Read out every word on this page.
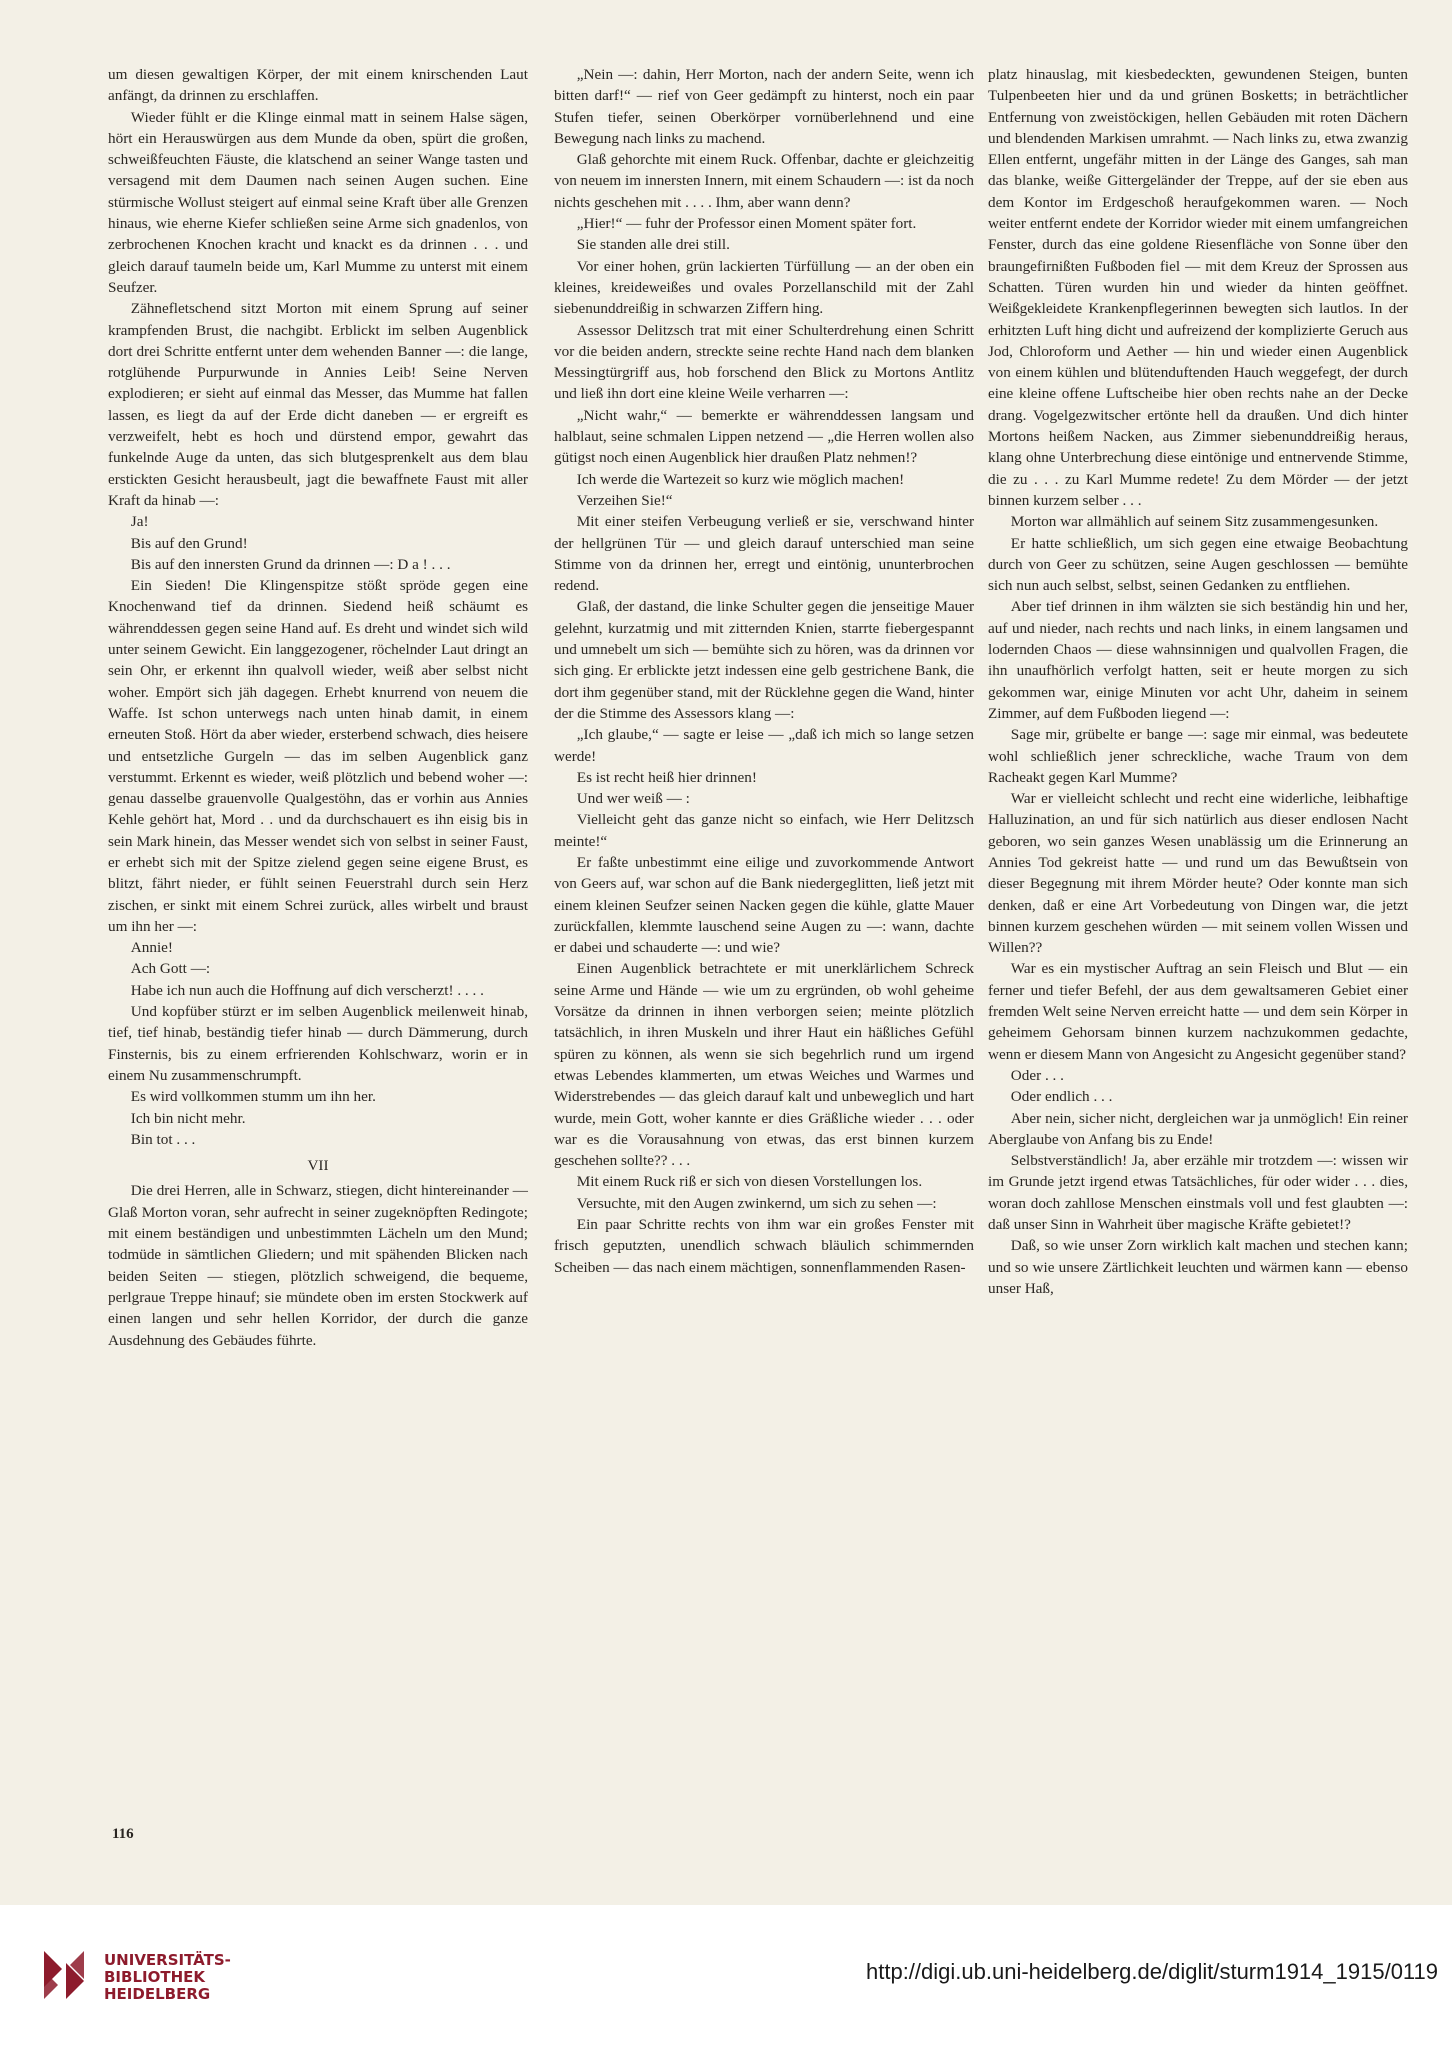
um diesen gewaltigen Körper, der mit einem knirschenden Laut anfängt, da drinnen zu erschlaffen.

Wieder fühlt er die Klinge einmal matt in seinem Halse sägen, hört ein Herauswürgen aus dem Munde da oben, spürt die großen, schweißfeuchten Fäuste, die klatschend an seiner Wange tasten und versagend mit dem Daumen nach seinen Augen suchen. Eine stürmische Wollust steigert auf einmal seine Kraft über alle Grenzen hinaus, wie eherne Kiefer schließen seine Arme sich gnadenlos, von zerbrochenen Knochen kracht und knackt es da drinnen . . . und gleich darauf taumeln beide um, Karl Mumme zu unterst mit einem Seufzer.

Zähnefletschend sitzt Morton mit einem Sprung auf seiner krampfenden Brust, die nachgibt. Erblickt im selben Augenblick dort drei Schritte entfernt unter dem wehenden Banner —: die lange, rotglühende Purpurwunde in Annies Leib! Seine Nerven explodieren; er sieht auf einmal das Messer, das Mumme hat fallen lassen, es liegt da auf der Erde dicht daneben — er ergreift es verzweifelt, hebt es hoch und dürstend empor, gewahrt das funkelnde Auge da unten, das sich blutgesprenkelt aus dem blau erstickten Gesicht herausbeult, jagt die bewaffnete Faust mit aller Kraft da hinab —:

Ja!

Bis auf den Grund!

Bis auf den innersten Grund da drinnen —: D a ! . . .

Ein Sieden! Die Klingenspitze stößt spröde gegen eine Knochenwand tief da drinnen. Siedend heiß schäumt es währenddessen gegen seine Hand auf. Es dreht und windet sich wild unter seinem Gewicht. Ein langgezogener, röchelnder Laut dringt an sein Ohr, er erkennt ihn qualvoll wieder, weiß aber selbst nicht woher. Empört sich jäh dagegen. Erhebt knurrend von neuem die Waffe. Ist schon unterwegs nach unten hinab damit, in einem erneuten Stoß. Hört da aber wieder, ersterbend schwach, dies heisere und entsetzliche Gurgeln — das im selben Augenblick ganz verstummt. Erkennt es wieder, weiß plötzlich und bebend woher —: genau dasselbe grauenvolle Qualgestöhn, das er vorhin aus Annies Kehle gehört hat, Mord . . und da durchschauert es ihn eisig bis in sein Mark hinein, das Messer wendet sich von selbst in seiner Faust, er erhebt sich mit der Spitze zielend gegen seine eigene Brust, es blitzt, fährt nieder, er fühlt seinen Feuerstrahl durch sein Herz zischen, er sinkt mit einem Schrei zurück, alles wirbelt und braust um ihn her —:

Annie!

Ach Gott —:

Habe ich nun auch die Hoffnung auf dich verscherzt! . . . .

Und kopfüber stürzt er im selben Augenblick meilenweit hinab, tief, tief hinab, beständig tiefer hinab — durch Dämmerung, durch Finsternis, bis zu einem erfrierenden Kohlschwarz, worin er in einem Nu zusammenschrumpft.

Es wird vollkommen stumm um ihn her.

Ich bin nicht mehr.

Bin tot . . .

VII

Die drei Herren, alle in Schwarz, stiegen, dicht hintereinander — Glaß Morton voran, sehr aufrecht in seiner zugeknöpften Redingote; mit einem beständigen und unbestimmten Lächeln um den Mund; todmüde in sämtlichen Gliedern; und mit spähenden Blicken nach beiden Seiten — stiegen, plötzlich schweigend, die bequeme, perlgraue Treppe hinauf; sie mündete oben im ersten Stockwerk auf einen langen und sehr hellen Korridor, der durch die ganze Ausdehnung des Gebäudes führte.

„Nein —: dahin, Herr Morton, nach der andern Seite, wenn ich bitten darf!“ — rief von Geer gedämpft zu hinterst, noch ein paar Stufen tiefer, seinen Oberkörper vornüberlehnend und eine Bewegung nach links zu machend.

Glaß gehorchte mit einem Ruck. Offenbar, dachte er gleichzeitig von neuem im innersten Innern, mit einem Schaudern —: ist da noch nichts geschehen mit . . . . Ihm, aber wann denn?

„Hier!“ — fuhr der Professor einen Moment später fort.

Sie standen alle drei still.

Vor einer hohen, grün lackierten Türfüllung — an der oben ein kleines, kreideweißes und ovales Porzellanschild mit der Zahl siebenunddreißig in schwarzen Ziffern hing.

Assessor Delitzsch trat mit einer Schulterdrehung einen Schritt vor die beiden andern, streckte seine rechte Hand nach dem blanken Messingtürgriff aus, hob forschend den Blick zu Mortons Antlitz und ließ ihn dort eine kleine Weile verharren —:

„Nicht wahr,“ — bemerkte er währenddessen langsam und halblaut, seine schmalen Lippen netzend — „die Herren wollen also gütigst noch einen Augenblick hier draußen Platz nehmen!?

Ich werde die Wartezeit so kurz wie möglich machen!

Verzeihen Sie!“

Mit einer steifen Verbeugung verließ er sie, verschwand hinter der hellgrünen Tür — und gleich darauf unterschied man seine Stimme von da drinnen her, erregt und eintönig, ununterbrochen redend.

Glaß, der dastand, die linke Schulter gegen die jenseitige Mauer gelehnt, kurzatmig und mit zitternden Knien, starrte fiebergespannt und umnebelt um sich — bemühte sich zu hören, was da drinnen vor sich ging. Er erblickte jetzt indessen eine gelb gestrichene Bank, die dort ihm gegenüber stand, mit der Rücklehne gegen die Wand, hinter der die Stimme des Assessors klang —:

„Ich glaube,“ — sagte er leise — „daß ich mich so lange setzen werde!

Es ist recht heiß hier drinnen!

Und wer weiß — :

Vielleicht geht das ganze nicht so einfach, wie Herr Delitzsch meinte!“

Er faßte unbestimmt eine eilige und zuvorkommende Antwort von Geers auf, war schon auf die Bank niedergeglitten, ließ jetzt mit einem kleinen Seufzer seinen Nacken gegen die kühle, glatte Mauer zurückfallen, klemmte lauschend seine Augen zu —: wann, dachte er dabei und schauderte —: und wie?

Einen Augenblick betrachtete er mit unerklärlichem Schreck seine Arme und Hände — wie um zu ergründen, ob wohl geheime Vorsätze da drinnen in ihnen verborgen seien; meinte plötzlich tatsächlich, in ihren Muskeln und ihrer Haut ein häßliches Gefühl spüren zu können, als wenn sie sich begehrlich rund um irgend etwas Lebendes klammerten, um etwas Weiches und Warmes und Widerstrebendes — das gleich darauf kalt und unbeweglich und hart wurde, mein Gott, woher kannte er dies Gräßliche wieder . . . oder war es die Vorausahnung von etwas, das erst binnen kurzem geschehen sollte?? . . .

Mit einem Ruck riß er sich von diesen Vorstellungen los.

Versuchte, mit den Augen zwinkernd, um sich zu sehen —:

Ein paar Schritte rechts von ihm war ein großes Fenster mit frisch geputzten, unendlich schwach bläulich schimmernden Scheiben — das nach einem mächtigen, sonnenflammenden Rasen-

platz hinauslag, mit kiesbedeckten, gewundenen Steigen, bunten Tulpenbeeten hier und da und grünen Bosketts; in beträchtlicher Entfernung von zweistöckigen, hellen Gebäuden mit roten Dächern und blendenden Markisen umrahmt. — Nach links zu, etwa zwanzig Ellen entfernt, ungefähr mitten in der Länge des Ganges, sah man das blanke, weiße Gittergeländer der Treppe, auf der sie eben aus dem Kontor im Erdgeschoß heraufgekommen waren. — Noch weiter entfernt endete der Korridor wieder mit einem umfangreichen Fenster, durch das eine goldene Riesenfläche von Sonne über den braungefirnißten Fußboden fiel — mit dem Kreuz der Sprossen aus Schatten. Türen wurden hin und wieder da hinten geöffnet. Weißgekleidete Krankenpflegerinnen bewegten sich lautlos. In der erhitzten Luft hing dicht und aufreizend der komplizierte Geruch aus Jod, Chloroform und Aether — hin und wieder einen Augenblick von einem kühlen und blütenduftenden Hauch weggefegt, der durch eine kleine offene Luftscheibe hier oben rechts nahe an der Decke drang. Vogelgezwitscher ertönte hell da draußen. Und dich hinter Mortons heißem Nacken, aus Zimmer siebenunddreißig heraus, klang ohne Unterbrechung diese eintönige und entnervende Stimme, die zu . . . zu Karl Mumme redete! Zu dem Mörder — der jetzt binnen kurzem selber . . .

Morton war allmählich auf seinem Sitz zusammengesunken.

Er hatte schließlich, um sich gegen eine etwaige Beobachtung durch von Geer zu schützen, seine Augen geschlossen — bemühte sich nun auch selbst, selbst, seinen Gedanken zu entfliehen.

Aber tief drinnen in ihm wälzten sie sich beständig hin und her, auf und nieder, nach rechts und nach links, in einem langsamen und lodernden Chaos — diese wahnsinnigen und qualvollen Fragen, die ihn unaufhörlich verfolgt hatten, seit er heute morgen zu sich gekommen war, einige Minuten vor acht Uhr, daheim in seinem Zimmer, auf dem Fußboden liegend —:

Sage mir, grübelte er bange —: sage mir einmal, was bedeutete wohl schließlich jener schreckliche, wache Traum von dem Racheakt gegen Karl Mumme?

War er vielleicht schlecht und recht eine widerliche, leibhaftige Halluzination, an und für sich natürlich aus dieser endlosen Nacht geboren, wo sein ganzes Wesen unablässig um die Erinnerung an Annies Tod gekreist hatte — und rund um das Bewußtsein von dieser Begegnung mit ihrem Mörder heute? Oder konnte man sich denken, daß er eine Art Vorbedeutung von Dingen war, die jetzt binnen kurzem geschehen würden — mit seinem vollen Wissen und Willen??

War es ein mystischer Auftrag an sein Fleisch und Blut — ein ferner und tiefer Befehl, der aus dem gewaltsameren Gebiet einer fremden Welt seine Nerven erreicht hatte — und dem sein Körper in geheimem Gehorsam binnen kurzem nachzukommen gedachte, wenn er diesem Mann von Angesicht zu Angesicht gegenüber stand?

Oder . . .

Oder endlich . . .

Aber nein, sicher nicht, dergleichen war ja unmöglich! Ein reiner Aberglaube von Anfang bis zu Ende!

Selbstverständlich! Ja, aber erzähle mir trotzdem —: wissen wir im Grunde jetzt irgend etwas Tatsächliches, für oder wider . . . dies, woran doch zahllose Menschen einstmals voll und fest glaubten —: daß unser Sinn in Wahrheit über magische Kräfte gebietet!?

Daß, so wie unser Zorn wirklich kalt machen und stechen kann; und so wie unsere Zärtlichkeit leuchten und wärmen kann — ebenso unser Haß,

116
UNIVERSITÄTS-
BIBLIOTHEK
HEIDELBERG
http://digi.ub.uni-heidelberg.de/diglit/sturm1914_1915/0119
